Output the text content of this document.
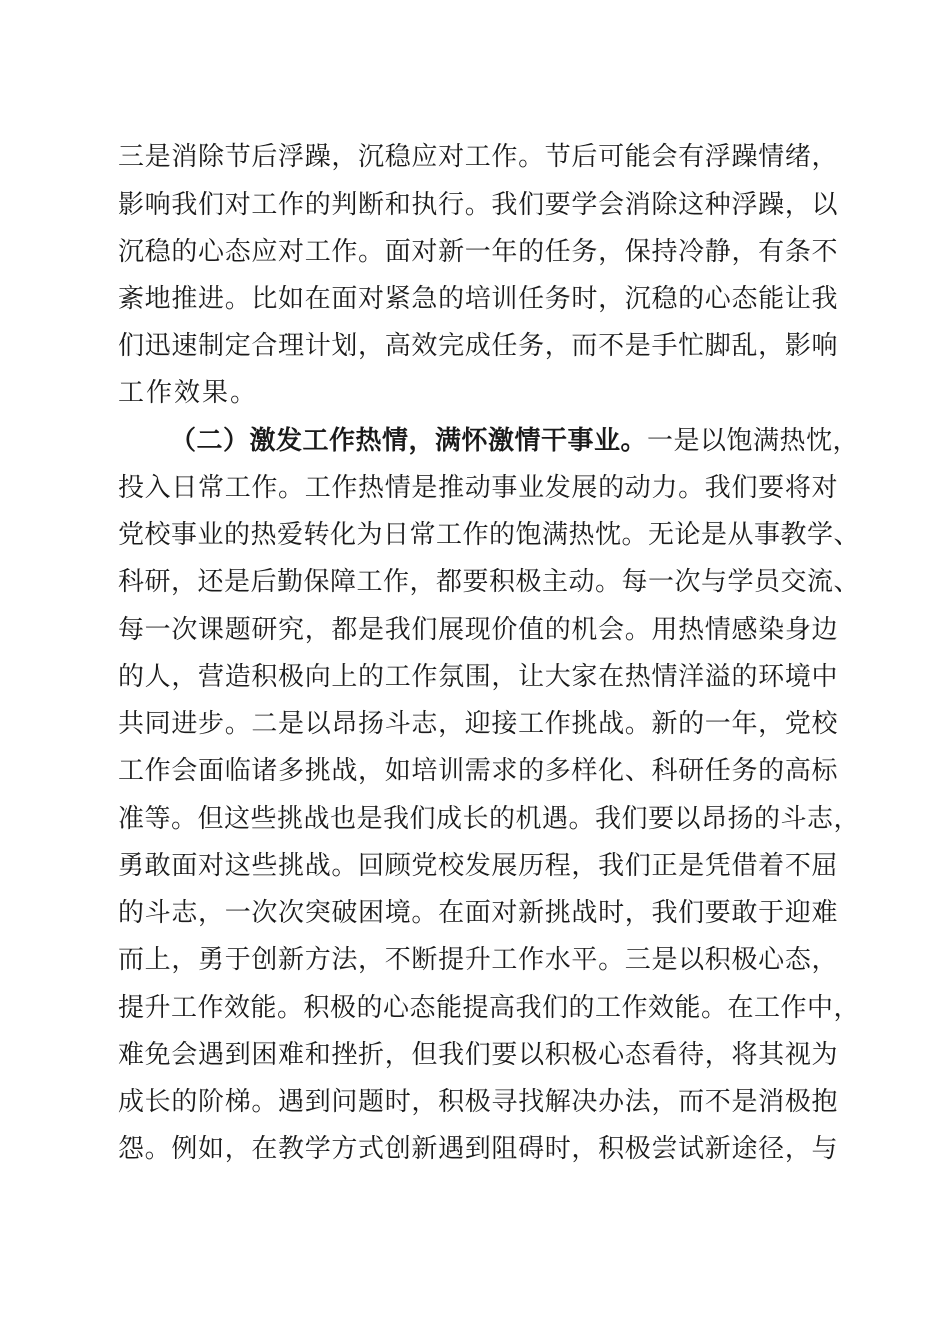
三是消除节后浮躁，沉稳应对工作。节后可能会有浮躁情绪，
影响我们对工作的判断和执行。我们要学会消除这种浮躁，以
沉稳的心态应对工作。面对新一年的任务，保持冷静，有条不
紊地推进。比如在面对紧急的培训任务时，沉稳的心态能让我
们迅速制定合理计划，高效完成任务，而不是手忙脚乱，影响
工作效果。
（二）激发工作热情，满怀激情干事业。一是以饱满热忱，
投入日常工作。工作热情是推动事业发展的动力。我们要将对
党校事业的热爱转化为日常工作的饱满热忱。无论是从事教学、
科研，还是后勤保障工作，都要积极主动。每一次与学员交流、
每一次课题研究，都是我们展现价值的机会。用热情感染身边
的人，营造积极向上的工作氛围，让大家在热情洋溢的环境中
共同进步。二是以昂扬斗志，迎接工作挑战。新的一年，党校
工作会面临诸多挑战，如培训需求的多样化、科研任务的高标
准等。但这些挑战也是我们成长的机遇。我们要以昂扬的斗志，
勇敢面对这些挑战。回顾党校发展历程，我们正是凭借着不屈
的斗志，一次次突破困境。在面对新挑战时，我们要敢于迎难
而上，勇于创新方法，不断提升工作水平。三是以积极心态，
提升工作效能。积极的心态能提高我们的工作效能。在工作中，
难免会遇到困难和挫折，但我们要以积极心态看待，将其视为
成长的阶梯。遇到问题时，积极寻找解决办法，而不是消极抱
怨。例如，在教学方式创新遇到阻碍时，积极尝试新途径，与
